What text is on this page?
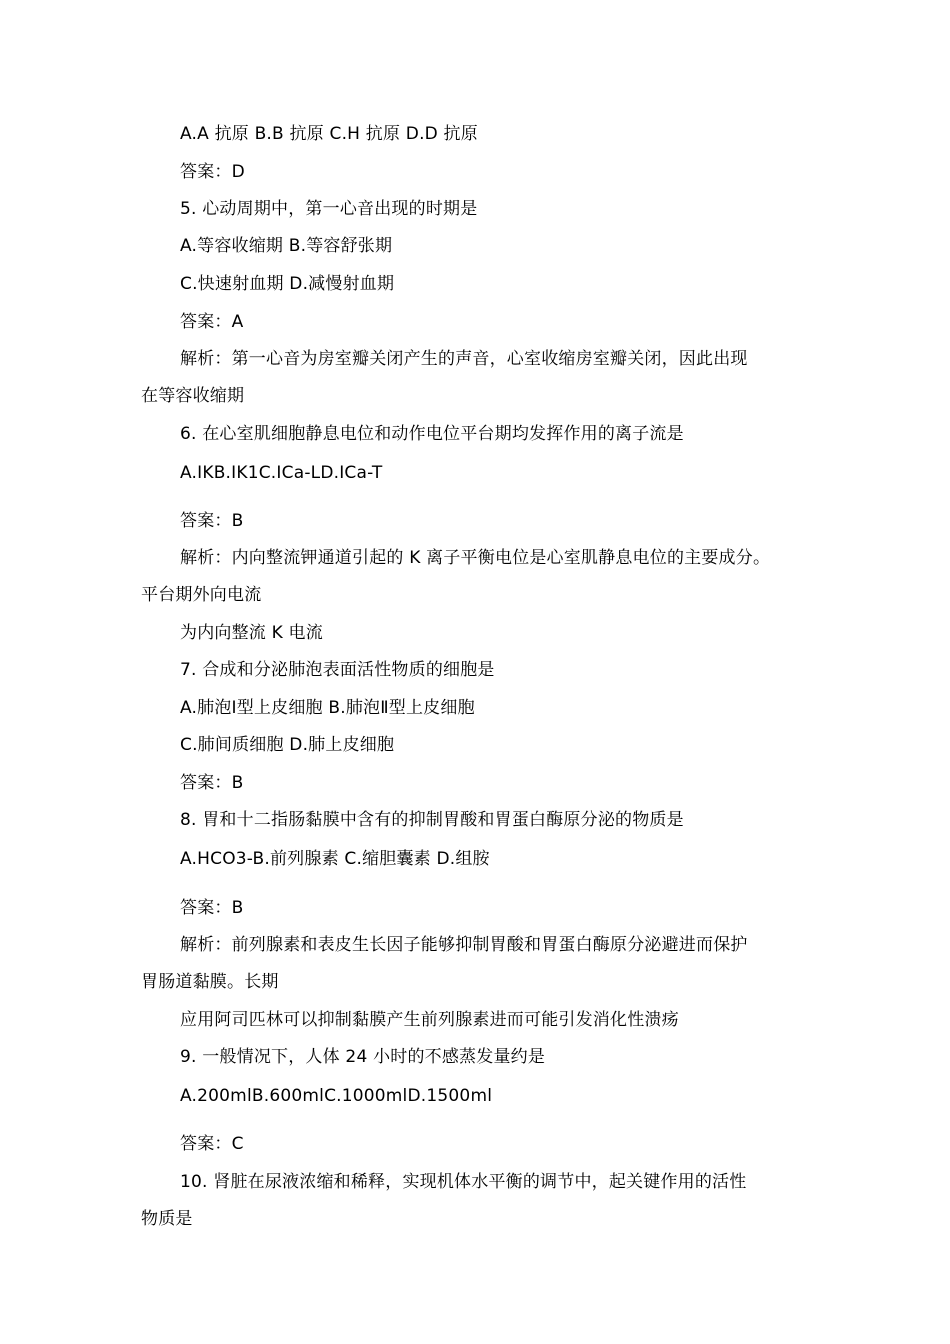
A.A 抗原 B.B 抗原 C.H 抗原 D.D 抗原
答案：D
5. 心动周期中，第一心音出现的时期是
A.等容收缩期 B.等容舒张期
C.快速射血期 D.减慢射血期
答案：A
解析：第一心音为房室瓣关闭产生的声音，心室收缩房室瓣关闭，因此出现
在等容收缩期
6. 在心室肌细胞静息电位和动作电位平台期均发挥作用的离子流是
A.IKB.IK1C.ICa-LD.ICa-T
答案：B
解析：内向整流钾通道引起的 K 离子平衡电位是心室肌静息电位的主要成分。
平台期外向电流
为内向整流 K 电流
7. 合成和分泌肺泡表面活性物质的细胞是
A.肺泡Ⅰ型上皮细胞 B.肺泡Ⅱ型上皮细胞
C.肺间质细胞 D.肺上皮细胞
答案：B
8. 胃和十二指肠黏膜中含有的抑制胃酸和胃蛋白酶原分泌的物质是
A.HCO3-B.前列腺素 C.缩胆囊素 D.组胺
答案：B
解析：前列腺素和表皮生长因子能够抑制胃酸和胃蛋白酶原分泌避进而保护
胃肠道黏膜。长期
应用阿司匹林可以抑制黏膜产生前列腺素进而可能引发消化性溃疡
9. 一般情况下，人体 24 小时的不感蒸发量约是
A.200mlB.600mlC.1000mlD.1500ml
答案：C
10. 肾脏在尿液浓缩和稀释，实现机体水平衡的调节中，起关键作用的活性
物质是
